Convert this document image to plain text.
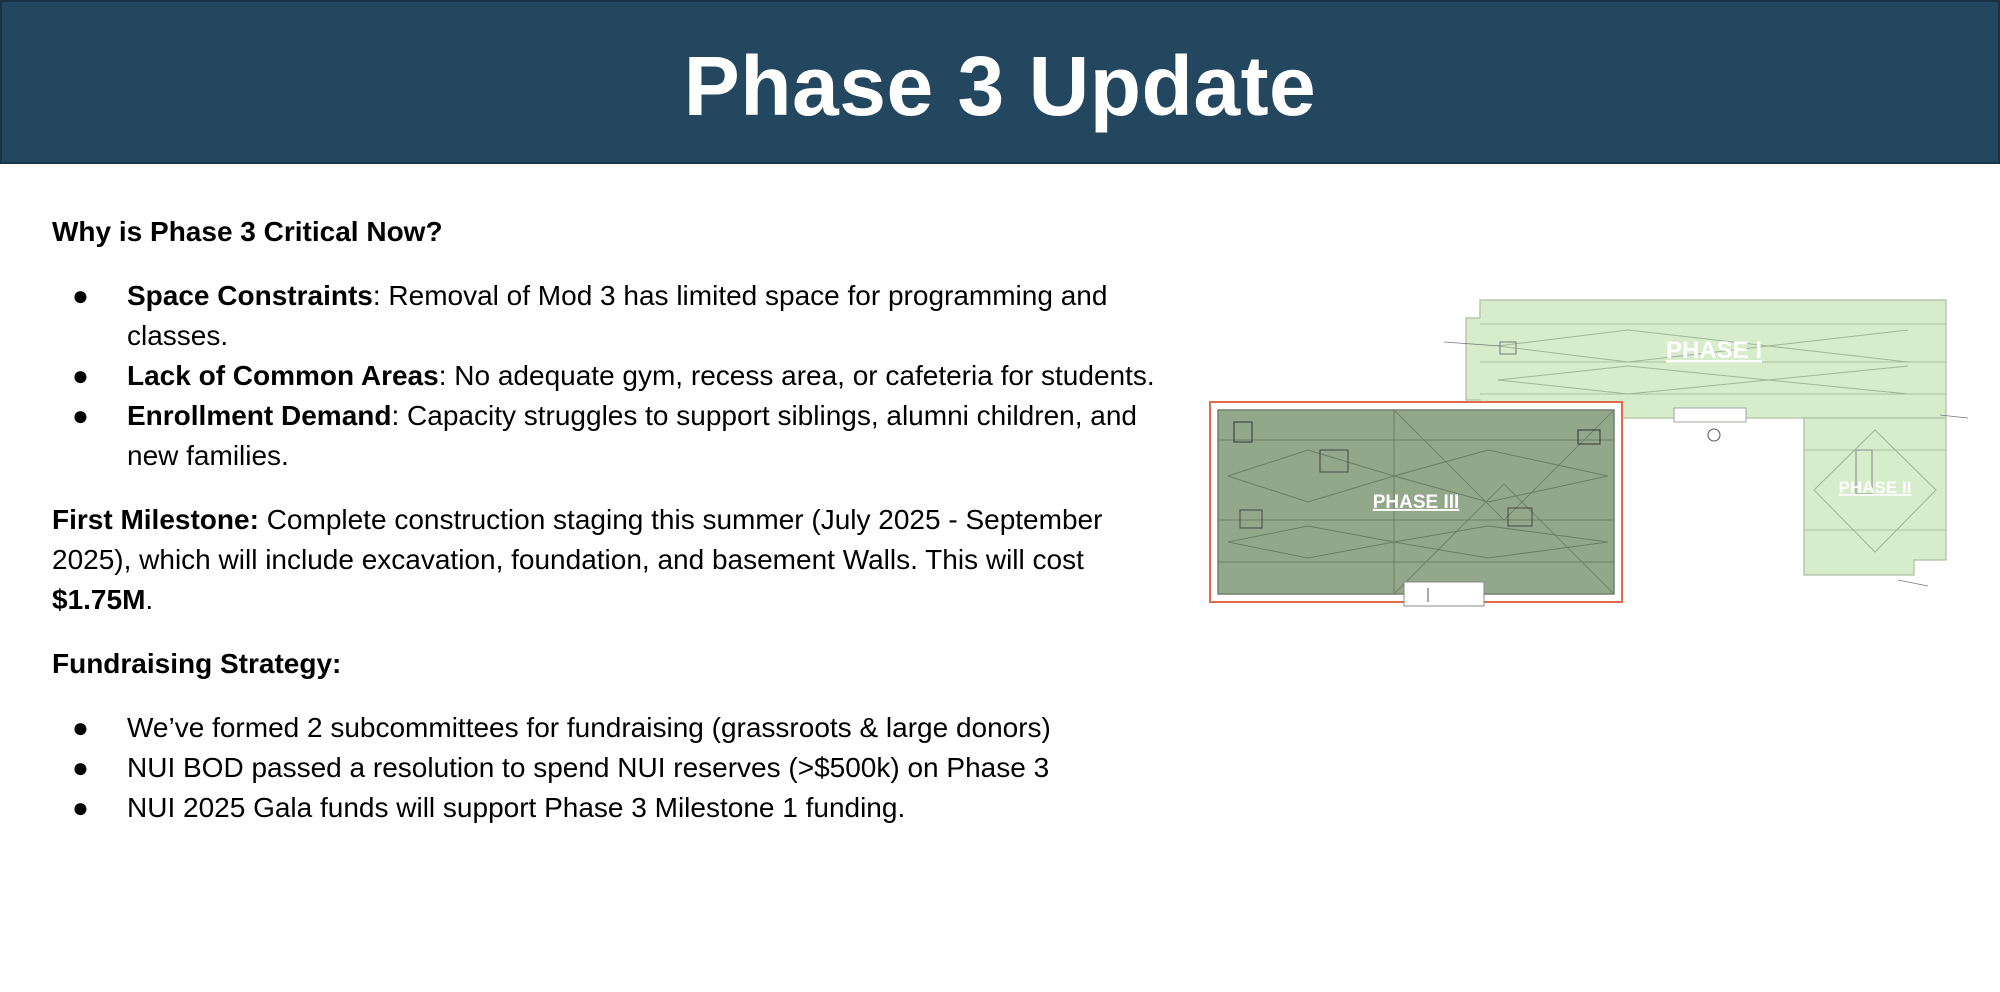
Phase 3 Update

Why is Phase 3 Critical Now?

● Space Constraints: Removal of Mod 3 has limited space for programming and classes.
● Lack of Common Areas: No adequate gym, recess area, or cafeteria for students.
● Enrollment Demand: Capacity struggles to support siblings, alumni children, and new families.

First Milestone: Complete construction staging this summer (July 2025 - September 2025), which will include excavation, foundation, and basement Walls. This will cost $1.75M.

Fundraising Strategy:

● We’ve formed 2 subcommittees for fundraising (grassroots & large donors)
● NUI BOD passed a resolution to spend NUI reserves (>$500k) on Phase 3
● NUI 2025 Gala funds will support Phase 3 Milestone 1 funding.
PHASE I
PHASE II
PHASE III
